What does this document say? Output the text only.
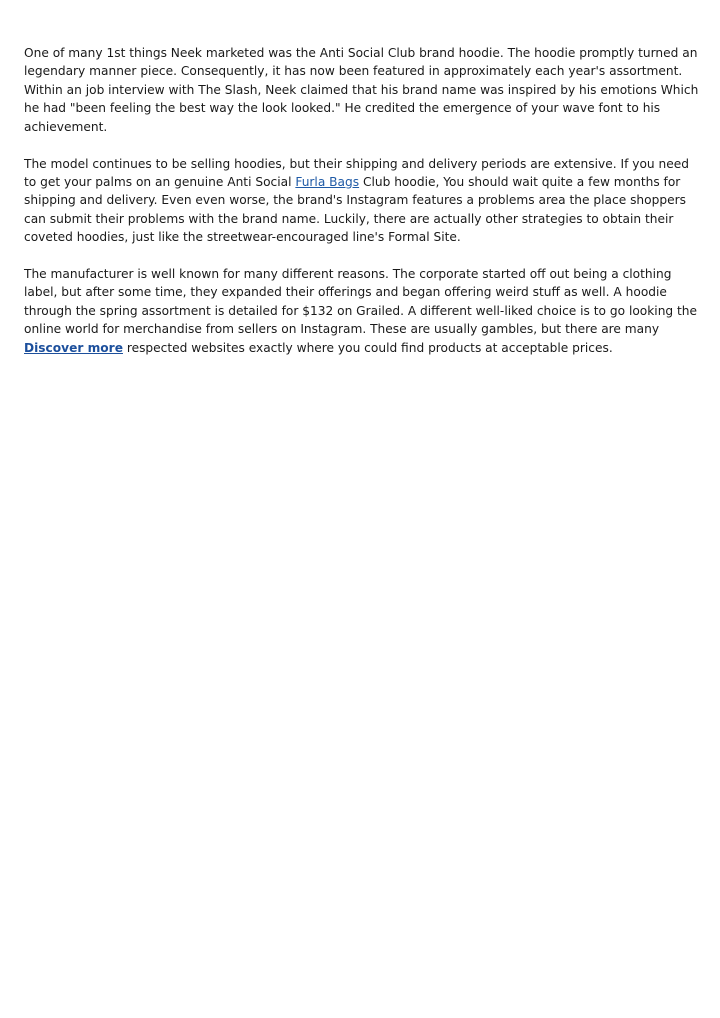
One of many 1st things Neek marketed was the Anti Social Club brand hoodie. The hoodie promptly turned an legendary manner piece. Consequently, it has now been featured in approximately each year's assortment. Within an job interview with The Slash, Neek claimed that his brand name was inspired by his emotions Which he had "been feeling the best way the look looked." He credited the emergence of your wave font to his achievement.

The model continues to be selling hoodies, but their shipping and delivery periods are extensive. If you need to get your palms on an genuine Anti Social Furla Bags Club hoodie, You should wait quite a few months for shipping and delivery. Even even worse, the brand's Instagram features a problems area the place shoppers can submit their problems with the brand name. Luckily, there are actually other strategies to obtain their coveted hoodies, just like the streetwear-encouraged line's Formal Site.

The manufacturer is well known for many different reasons. The corporate started off out being a clothing label, but after some time, they expanded their offerings and began offering weird stuff as well. A hoodie through the spring assortment is detailed for $132 on Grailed. A different well-liked choice is to go looking the online world for merchandise from sellers on Instagram. These are usually gambles, but there are many Discover more respected websites exactly where you could find products at acceptable prices.
